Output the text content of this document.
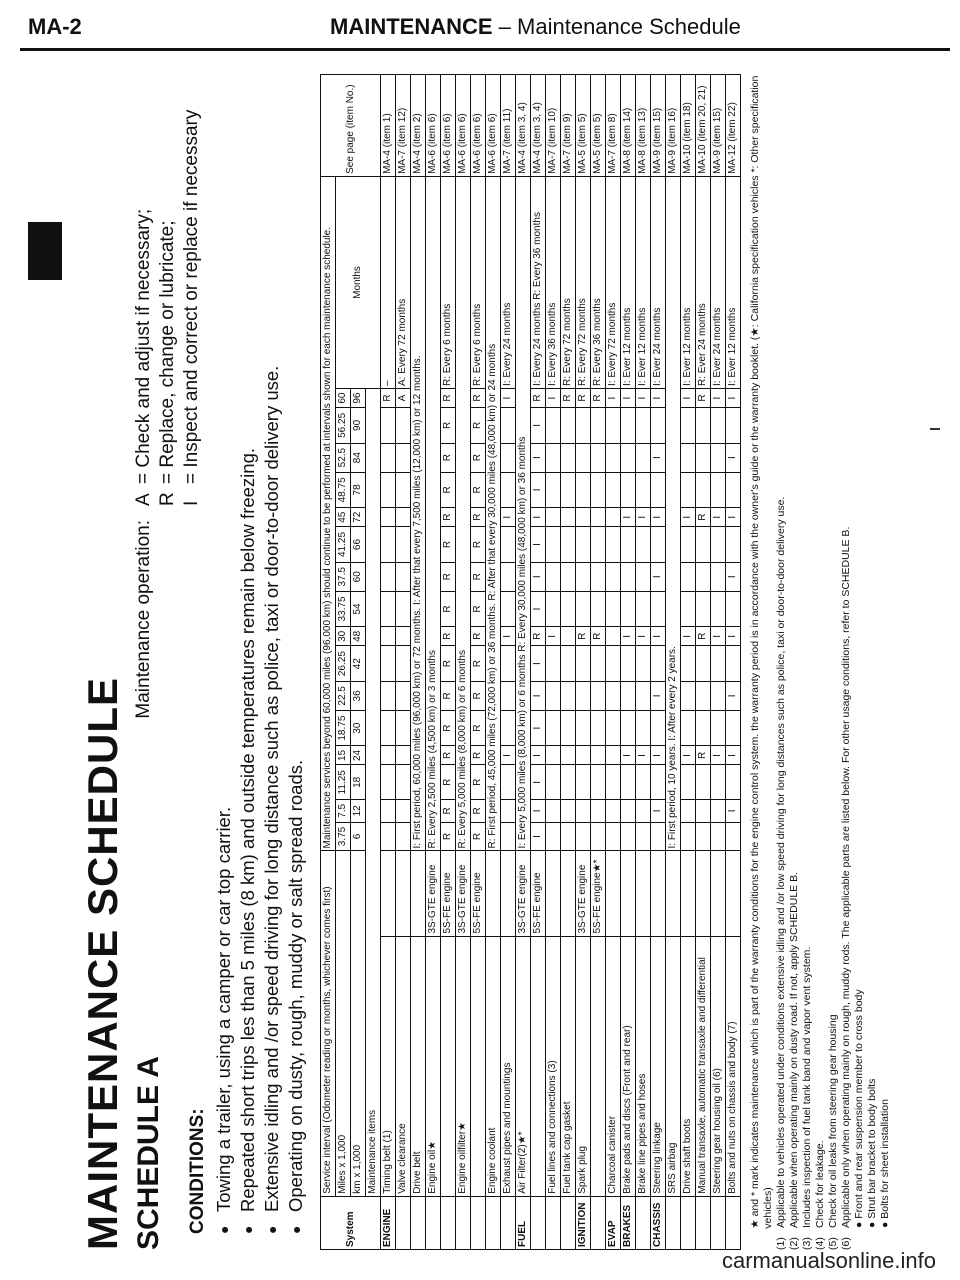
MA-2	MAINTENANCE – Maintenance Schedule
MAINTENANCE SCHEDULE SCHEDULE A
Maintenance operation:
A
= Check and adjust if necessary;
R
= Replace, change or lubricate;
I
= Inspect and correct or replace if necessary
CONDITIONS: ● Towing a trailer, using a camper or car top carrier. ● Repeated short trips les than 5 miles (8 km) and outside temperatures remain below freezing. ● Extensive idling and /or speed driving for long distance such as police, taxi or door-to-door delivery use. ● Operating on dusty, rough, muddy or salt spread roads.
System	Service interval (Odometer reading or months, whichever comes first)		Maintenance services beyond 60,000 miles (96,000 km) should continue to be performed at intervals shown for each maintenance schedule.																	See page (item No.)
	Miles x 1,000		3.75	7.5	11.25	15	18.75	22.5	26.25	30	33.75	37.5	41.25	45	48.75	52.5	56.25	60	Months	
	km x 1,000		6	12	18	24	30	36	42	48	54	60	66	72	78	84	90	96		
	Maintenance items																			
ENGINE	Timing belt (1)																	R	–	MA-4 (item 1)
	Valve clearance																	A	A: Every 72 months	MA-7 (item 12)
	Drive belt		I: First period, 60,000 miles (96,000 km) or 72 months. I: After that every 7,500 miles (12,000 km) or 12 months.																	MA-4 (item 2)
	Engine oil★	3S-GTE engine	R: Every 2,500 miles (4,500 km) or 3 months																	MA-6 (item 6)
		5S-FE engine	R	R	R	R	R	R	R	R	R	R	R	R	R	R	R	R	R: Every 6 months	MA-6 (item 6)
	Engine oilfilter★	3S-GTE engine	R: Every 5,000 miles (8,000 km) or 6 months																	MA-6 (item 6)
		5S-FE engine	R	R	R	R	R	R	R	R	R	R	R	R	R	R	R	R	R: Every 6 months	MA-6 (item 6)
	Engine coolant		R: First period, 45,000 miles (72,000 km) or 36 months. R: After that every 30,000 miles (48,000 km) or 24 months																	MA-6 (item 6)
	Exhaust pipes and mountings					I				I				I				I	I: Every 24 months	MA-7 (item 11)
FUEL	Air Filter(2)★*	3S-GTE engine	I: Every 5,000 miles (8,000 km) or 6 months R: Every 30,000 miles (48,000 km) or 36 months																	MA-4 (item 3, 4)
		5S-FE engine	I	I	I	I	I	I	I	R	I	I	I	I	I	I	I	R	I: Every 24 months R: Every 36 months	MA-4 (item 3, 4)
	Fuel lines and connections (3)									I								I	I: Every 36 months	MA-7 (item 10)
	Fuel tank cap gasket																	R	R: Every 72 months	MA-7 (item 9)
IGNITION	Spark plug	3S-GTE engine								R								R	R: Every 72 months	MA-5 (item 5)
		5S-FE engine★*								R								R	R: Every 36 months	MA-5 (item 5)
EVAP	Charcoal canister																	I	I: Every 72 months	MA-7 (item 8)
BRAKES	Brake pads and discs (Front and rear)					I				I				I				I	I: Ever 12 months	MA-8 (item 14)
	Brake line pipes and hoses					I				I				I				I	I: Ever 12 months	MA-8 (item 13)
CHASSIS	Steering linkage			I		I		I		I		I		I		I		I	I: Ever 24 months	MA-9 (item 15)
	SRS airbag		I: First period, 10 years. I: After every 2 years.																	MA-9 (item 16)
	Drive shaft boots					I				I				I				I	I: Ever 12 months	MA-10 (item 18)
	Manual transaxle, automatic transaxle and differential					R				R				R				R	R: Ever 24 months	MA-10 (item 20, 21)
	Steering gear housing oil (6)					I				I				I				I	I: Ever 24 months	MA-9 (item 15)
	Bolts and nuts on chassis and body (7)			I		I		I		I		I		I		I		I	I: Ever 12 months	MA-12 (item 22) ★ and * mark indicates maintenance which is part of the warranty conditions for the engine control system. the warranty period is in accordance with the owner's guide or the warranty booklet. (★: California specification vehicles *: Other specification vehicles)
(1)
Applicable to vehicles operated under conditions extensive idling and /or low speed driving for long distances such as police, taxi or door-to-door delivery use.
(2)
Applicable when operating mainly on dusty road. If not, apply SCHEDULE B.
(3)
Includes inspection of fuel tank band and vapor vent system.
(4)
Check for leakage.
(5)
Check for oil leaks from steering gear housing
(6)
Applicable only when operating mainly on rough, muddy rods. The applicable parts are listed below. For other usage conditions, refer to SCHEDULE B. ● Front and rear suspension member to cross body ● Strut bar bracket to body bolts ● Bolts for sheet installation
carmanualsonline.info
